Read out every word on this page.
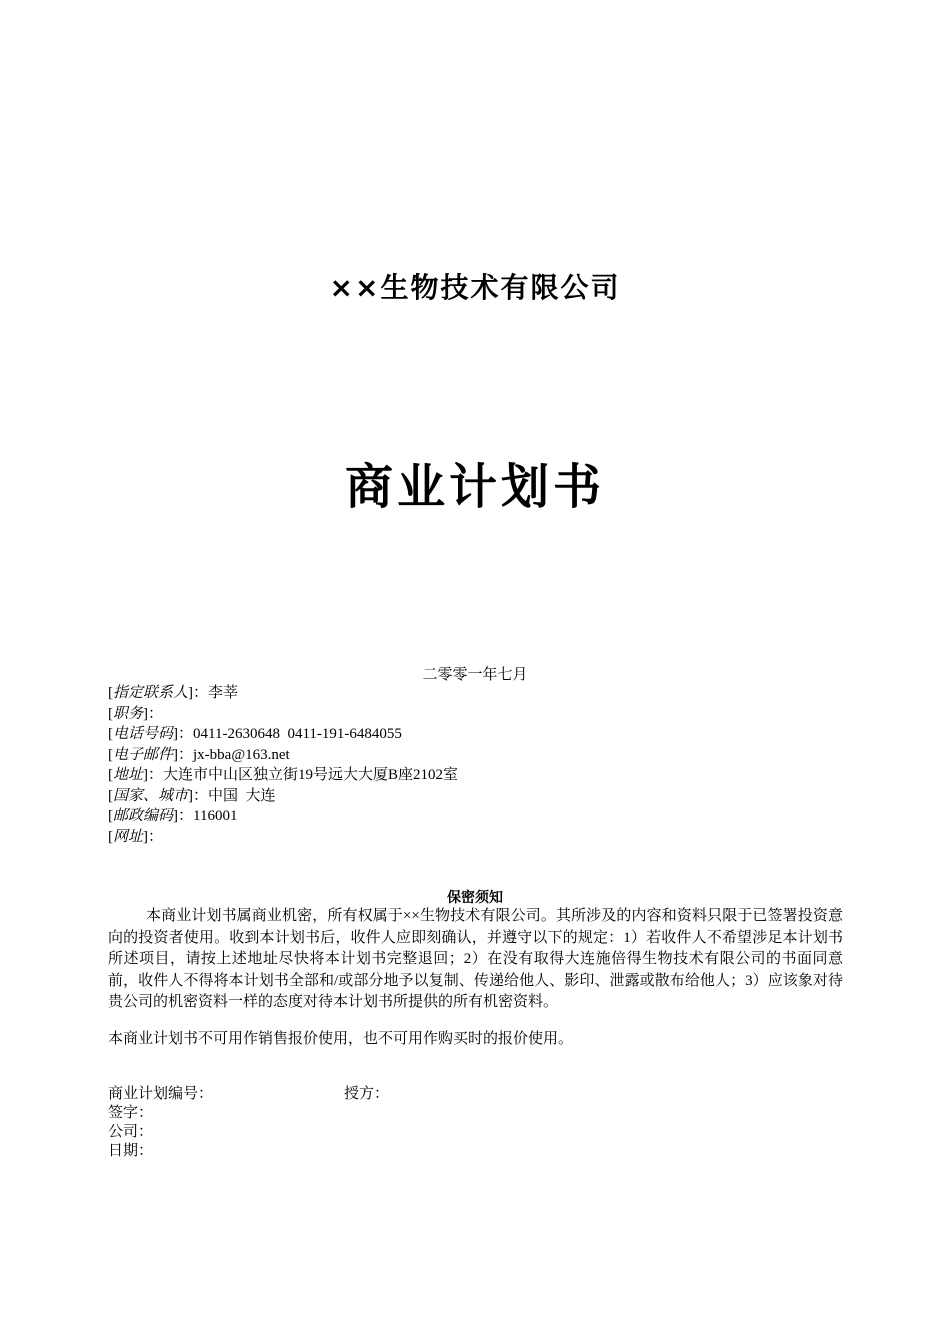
××生物技术有限公司
商业计划书
二零零一年七月
[指定联系人]：李莘
[职务]：
[电话号码]：0411-2630648  0411-191-6484055
[电子邮件]：jx-bba@163.net
[地址]：大连市中山区独立街19号远大大厦B座2102室
[国家、城市]：中国  大连
[邮政编码]：116001
[网址]：
保密须知
本商业计划书属商业机密，所有权属于××生物技术有限公司。其所涉及的内容和资料只限于已签署投资意向的投资者使用。收到本计划书后，收件人应即刻确认，并遵守以下的规定：1）若收件人不希望涉足本计划书所述项目，请按上述地址尽快将本计划书完整退回；2）在没有取得大连施倍得生物技术有限公司的书面同意前，收件人不得将本计划书全部和/或部分地予以复制、传递给他人、影印、泄露或散布给他人；3）应该象对待贵公司的机密资料一样的态度对待本计划书所提供的所有机密资料。
本商业计划书不可用作销售报价使用，也不可用作购买时的报价使用。
商业计划编号：	授方：
签字：
公司：
日期：
